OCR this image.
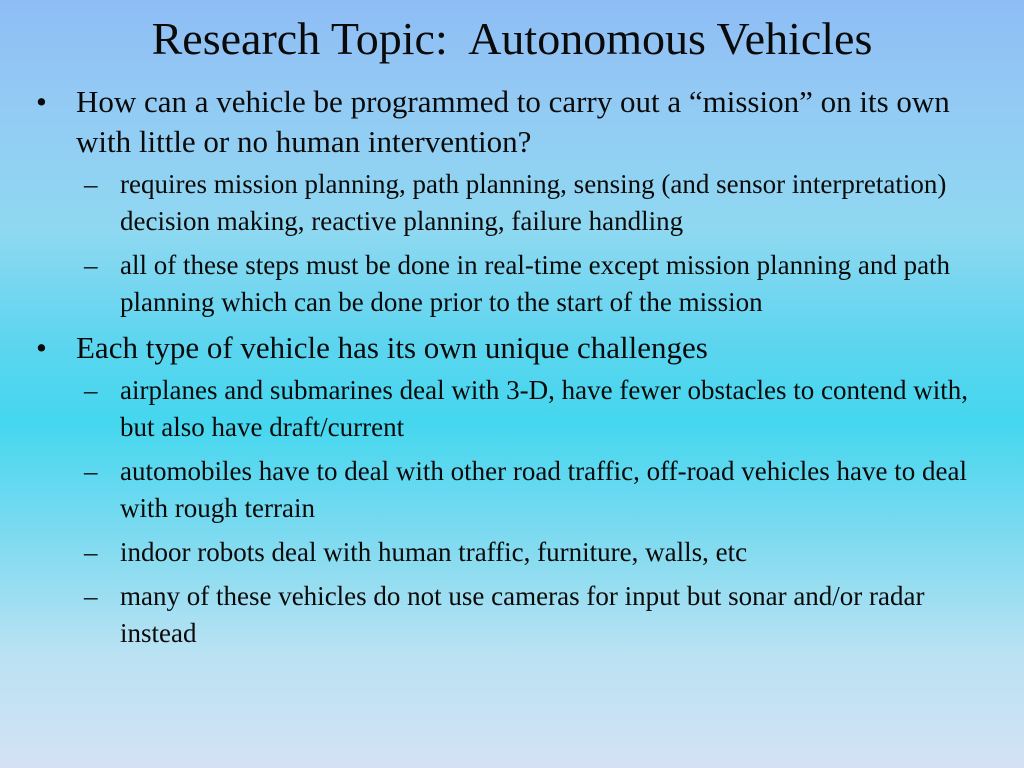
Research Topic:  Autonomous Vehicles
• How can a vehicle be programmed to carry out a “mission” on its own with little or no human intervention?
– requires mission planning, path planning, sensing (and sensor interpretation) decision making, reactive planning, failure handling
– all of these steps must be done in real-time except mission planning and path planning which can be done prior to the start of the mission
• Each type of vehicle has its own unique challenges
– airplanes and submarines deal with 3-D, have fewer obstacles to contend with, but also have draft/current
– automobiles have to deal with other road traffic, off-road vehicles have to deal with rough terrain
– indoor robots deal with human traffic, furniture, walls, etc
– many of these vehicles do not use cameras for input but sonar and/or radar instead
